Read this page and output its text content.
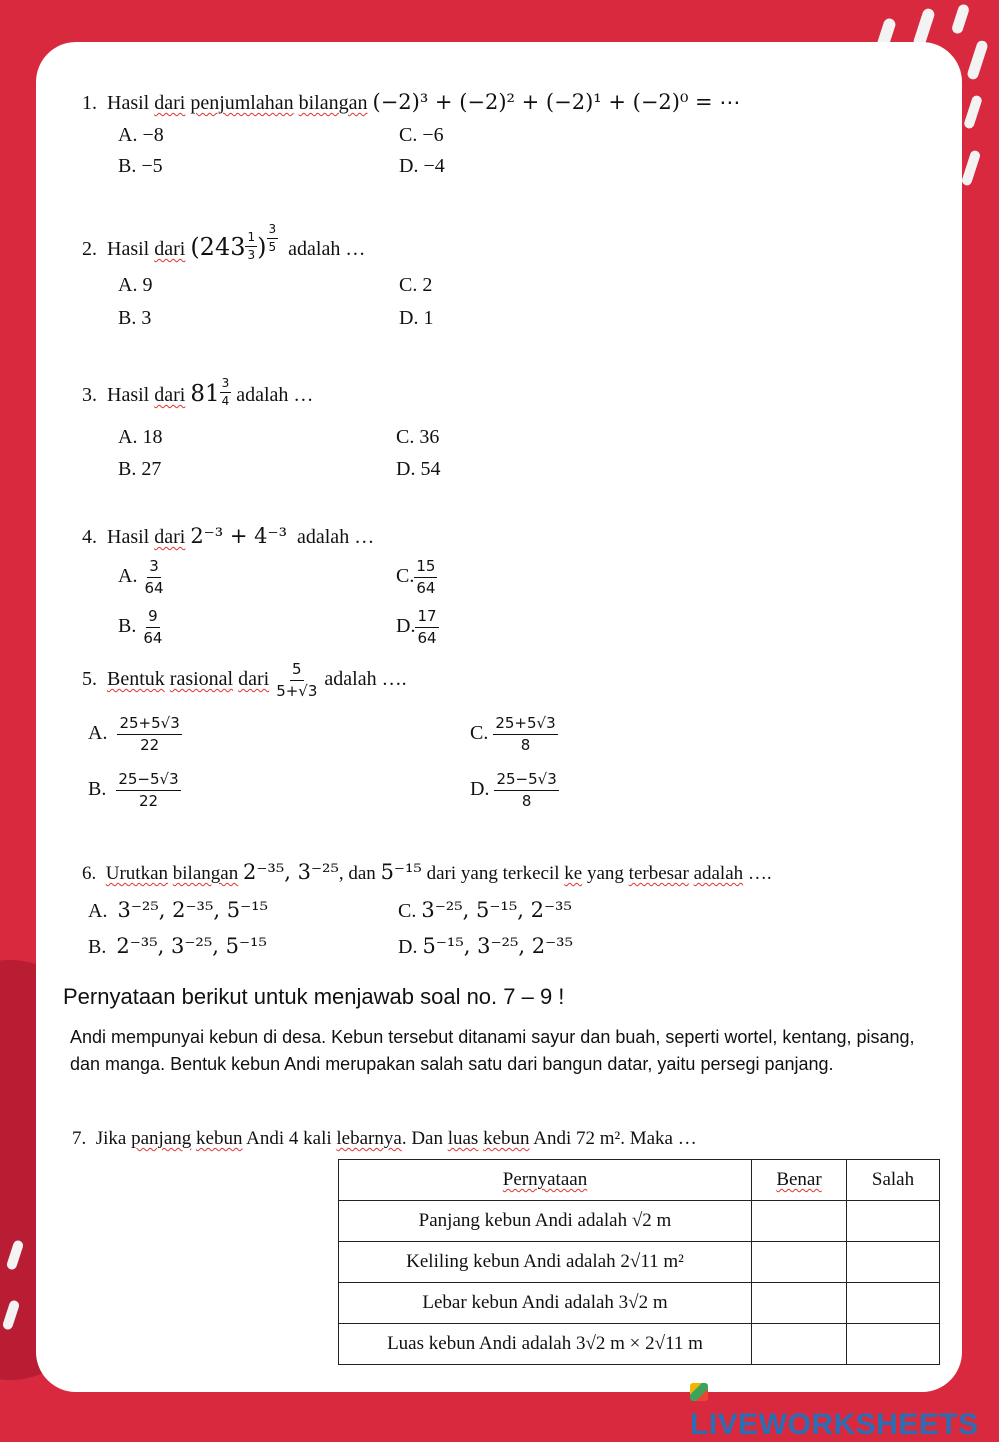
1. Hasil dari penjumlahan bilangan (−2)³ + (−2)² + (−2)¹ + (−2)⁰ = ⋯
A. −8	C. −6
B. −5	D. −4
2. Hasil dari ($243 \frac{1}{3}$ ) $\frac{3}{5}$ adalah …
A. 9	C. 2
B. 3	D. 1
3. Hasil dari $81 \frac{3}{4}$ adalah …
A. 18	C. 36
B. 27	D. 54
4. Hasil dari 2⁻³ + 4⁻³ adalah …
A. $\frac{3}{64}$	C. $\frac{15}{64}$
B. $\frac{9}{64}$	D. $\frac{17}{64}$
5. Bentuk rasional dari $\frac{5}{5+√3}$ adalah ….
A. $\frac{25+5√3}{22}$	C. $\frac{25+5√3}{8}$
B. $\frac{25-5√3}{22}$	D. $\frac{25-5√3}{8}$
6. Urutkan bilangan 2⁻³⁵, 3⁻²⁵, dan 5⁻¹⁵ dari yang terkecil ke yang terbesar adalah ….
A. 3⁻²⁵, 2⁻³⁵, 5⁻¹⁵	C. 3⁻²⁵, 5⁻¹⁵, 2⁻³⁵
B. 2⁻³⁵, 3⁻²⁵, 5⁻¹⁵	D. 5⁻¹⁵, 3⁻²⁵, 2⁻³⁵
Pernyataan berikut untuk menjawab soal no. 7 – 9 !
Andi mempunyai kebun di desa. Kebun tersebut ditanami sayur dan buah, seperti wortel, kentang, pisang, dan manga. Bentuk kebun Andi merupakan salah satu dari bangun datar, yaitu persegi panjang.
7. Jika panjang kebun Andi 4 kali lebarnya. Dan luas kebun Andi 72 m². Maka …
Pernyataan	Benar	Salah
Panjang kebun Andi adalah √2 m		
Keliling kebun Andi adalah 2√11 m²		
Lebar kebun Andi adalah 3√2 m		
Luas kebun Andi adalah 3√2 m × 2√11 m		
LIVEWORKSHEETS
